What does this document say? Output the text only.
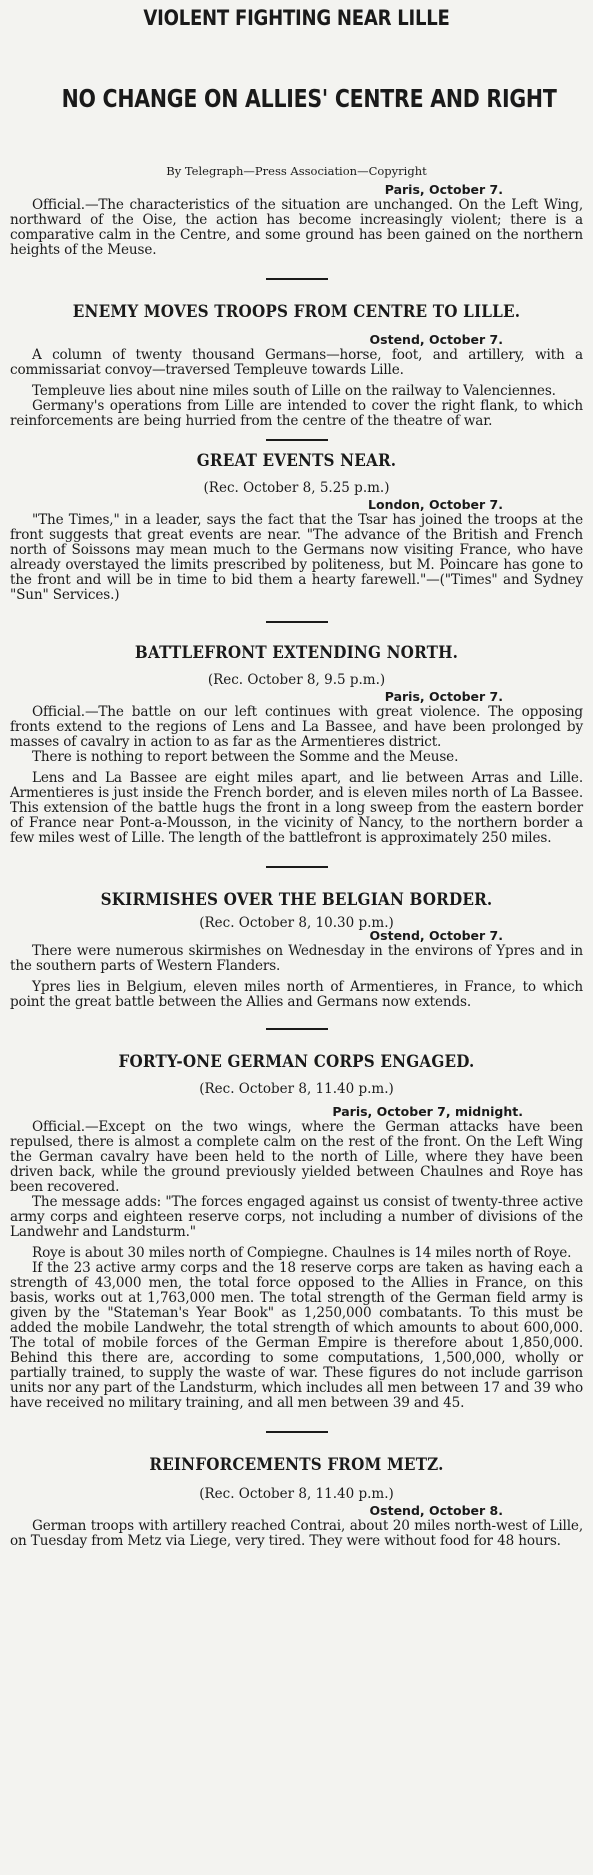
VIOLENT FIGHTING NEAR LILLE
NO CHANGE ON ALLIES' CENTRE AND RIGHT
By Telegraph—Press Association—Copyright
Paris, October 7.

Official.—The characteristics of the situation are unchanged. On the Left Wing, northward of the Oise, the action has become increasingly violent; there is a comparative calm in the Centre, and some ground has been gained on the northern heights of the Meuse.

ENEMY MOVES TROOPS FROM CENTRE TO LILLE.
Ostend, October 7.

A column of twenty thousand Germans—horse, foot, and artillery, with a commissariat convoy—traversed Templeuve towards Lille.

Templeuve lies about nine miles south of Lille on the railway to Valenciennes.

Germany's operations from Lille are intended to cover the right flank, to which reinforcements are being hurried from the centre of the theatre of war.

GREAT EVENTS NEAR.
(Rec. October 8, 5.25 p.m.)
London, October 7.

"The Times," in a leader, says the fact that the Tsar has joined the troops at the front suggests that great events are near. "The advance of the British and French north of Soissons may mean much to the Germans now visiting France, who have already overstayed the limits prescribed by politeness, but M. Poincare has gone to the front and will be in time to bid them a hearty farewell."—("Times" and Sydney "Sun" Services.)

BATTLEFRONT EXTENDING NORTH.
(Rec. October 8, 9.5 p.m.)
Paris, October 7.

Official.—The battle on our left continues with great violence. The opposing fronts extend to the regions of Lens and La Bassee, and have been prolonged by masses of cavalry in action to as far as the Armentieres district.

There is nothing to report between the Somme and the Meuse.

Lens and La Bassee are eight miles apart, and lie between Arras and Lille. Armentieres is just inside the French border, and is eleven miles north of La Bassee. This extension of the battle hugs the front in a long sweep from the eastern border of France near Pont-a-Mousson, in the vicinity of Nancy, to the northern border a few miles west of Lille. The length of the battlefront is approximately 250 miles.

SKIRMISHES OVER THE BELGIAN BORDER.
(Rec. October 8, 10.30 p.m.)
Ostend, October 7.

There were numerous skirmishes on Wednesday in the environs of Ypres and in the southern parts of Western Flanders.

Ypres lies in Belgium, eleven miles north of Armentieres, in France, to which point the great battle between the Allies and Germans now extends.

FORTY-ONE GERMAN CORPS ENGAGED.
(Rec. October 8, 11.40 p.m.)
Paris, October 7, midnight.

Official.—Except on the two wings, where the German attacks have been repulsed, there is almost a complete calm on the rest of the front. On the Left Wing the German cavalry have been held to the north of Lille, where they have been driven back, while the ground previously yielded between Chaulnes and Roye has been recovered.

The message adds: "The forces engaged against us consist of twenty-three active army corps and eighteen reserve corps, not including a number of divisions of the Landwehr and Landsturm."

Roye is about 30 miles north of Compiegne. Chaulnes is 14 miles north of Roye.

If the 23 active army corps and the 18 reserve corps are taken as having each a strength of 43,000 men, the total force opposed to the Allies in France, on this basis, works out at 1,763,000 men. The total strength of the German field army is given by the "Stateman's Year Book" as 1,250,000 combatants. To this must be added the mobile Landwehr, the total strength of which amounts to about 600,000. The total of mobile forces of the German Empire is therefore about 1,850,000. Behind this there are, according to some computations, 1,500,000, wholly or partially trained, to supply the waste of war. These figures do not include garrison units nor any part of the Landsturm, which includes all men between 17 and 39 who have received no military training, and all men between 39 and 45.

REINFORCEMENTS FROM METZ.
(Rec. October 8, 11.40 p.m.)
Ostend, October 8.

German troops with artillery reached Contrai, about 20 miles north-west of Lille, on Tuesday from Metz via Liege, very tired. They were without food for 48 hours.
